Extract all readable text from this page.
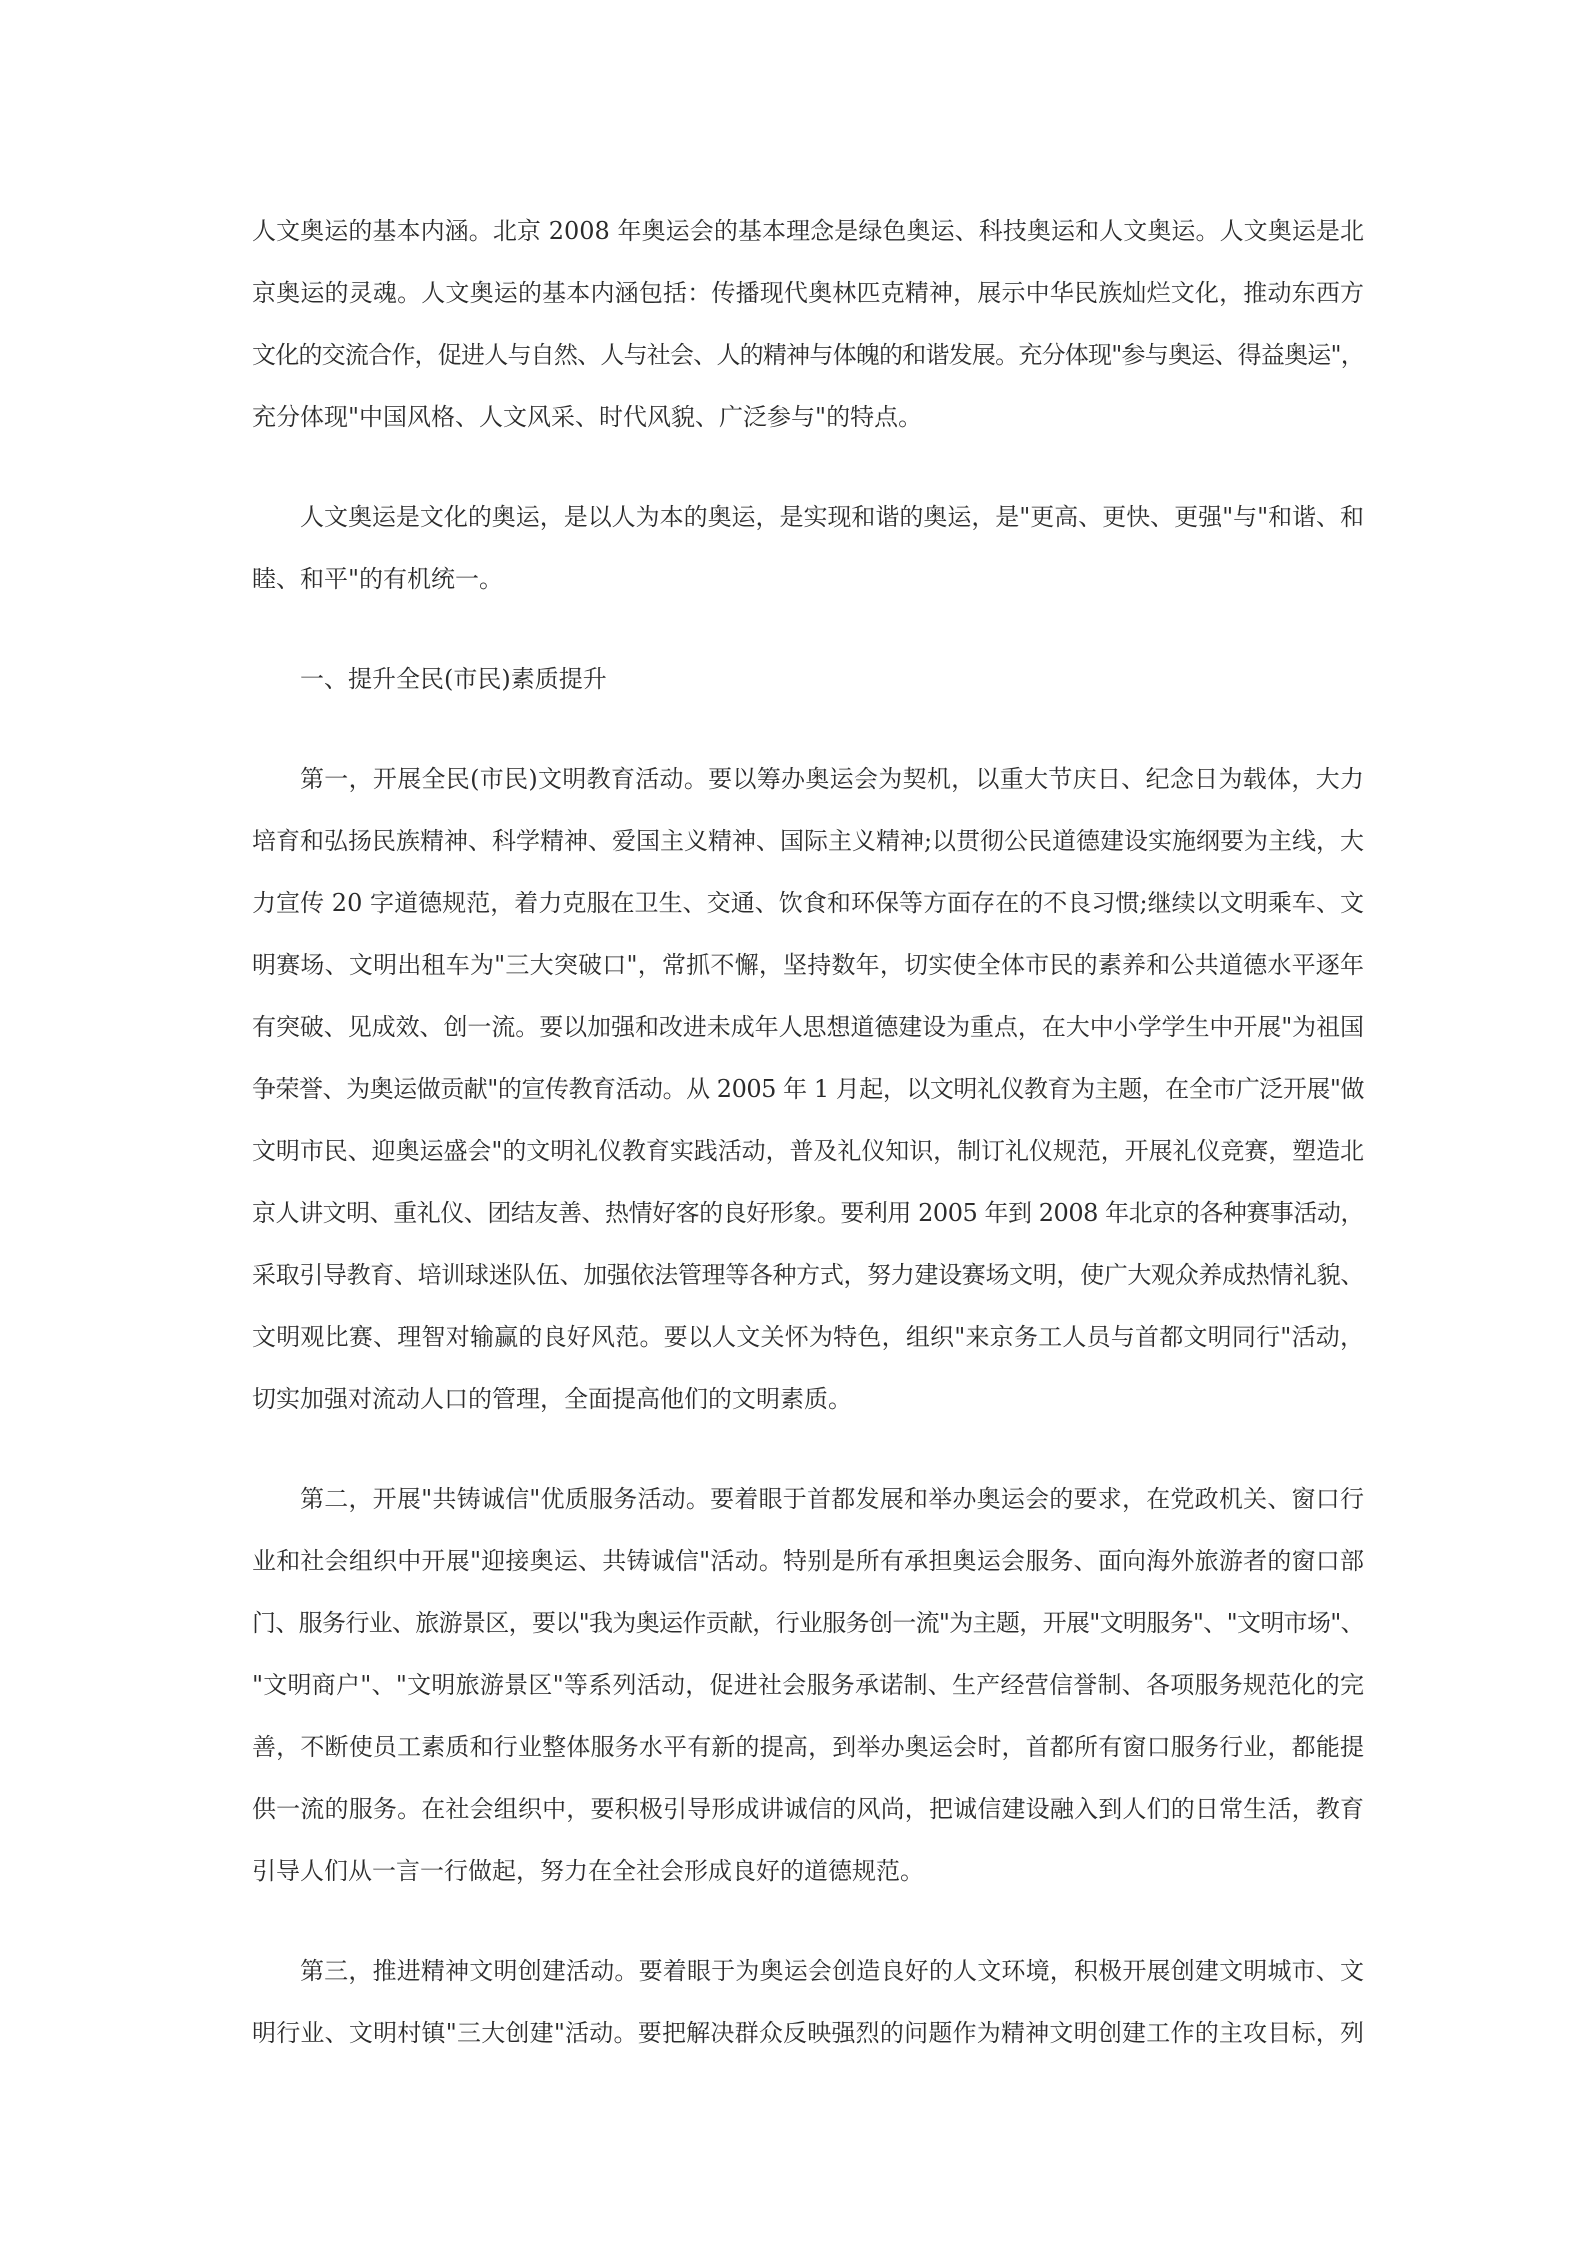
人文奥运的基本内涵。北京 2008 年奥运会的基本理念是绿色奥运、科技奥运和人文奥运。人文奥运是北
京奥运的灵魂。人文奥运的基本内涵包括：传播现代奥林匹克精神，展示中华民族灿烂文化，推动东西方
文化的交流合作，促进人与自然、人与社会、人的精神与体魄的和谐发展。充分体现"参与奥运、得益奥运"，
充分体现"中国风格、人文风采、时代风貌、广泛参与"的特点。
人文奥运是文化的奥运，是以人为本的奥运，是实现和谐的奥运，是"更高、更快、更强"与"和谐、和
睦、和平"的有机统一。
一、提升全民(市民)素质提升
第一，开展全民(市民)文明教育活动。要以筹办奥运会为契机，以重大节庆日、纪念日为载体，大力
培育和弘扬民族精神、科学精神、爱国主义精神、国际主义精神;以贯彻公民道德建设实施纲要为主线，大
力宣传 20 字道德规范，着力克服在卫生、交通、饮食和环保等方面存在的不良习惯;继续以文明乘车、文
明赛场、文明出租车为"三大突破口"，常抓不懈，坚持数年，切实使全体市民的素养和公共道德水平逐年
有突破、见成效、创一流。要以加强和改进未成年人思想道德建设为重点，在大中小学学生中开展"为祖国
争荣誉、为奥运做贡献"的宣传教育活动。从 2005 年 1 月起，以文明礼仪教育为主题，在全市广泛开展"做
文明市民、迎奥运盛会"的文明礼仪教育实践活动，普及礼仪知识，制订礼仪规范，开展礼仪竞赛，塑造北
京人讲文明、重礼仪、团结友善、热情好客的良好形象。要利用 2005 年到 2008 年北京的各种赛事活动，
采取引导教育、培训球迷队伍、加强依法管理等各种方式，努力建设赛场文明，使广大观众养成热情礼貌、
文明观比赛、理智对输赢的良好风范。要以人文关怀为特色，组织"来京务工人员与首都文明同行"活动，
切实加强对流动人口的管理，全面提高他们的文明素质。
第二，开展"共铸诚信"优质服务活动。要着眼于首都发展和举办奥运会的要求，在党政机关、窗口行
业和社会组织中开展"迎接奥运、共铸诚信"活动。特别是所有承担奥运会服务、面向海外旅游者的窗口部
门、服务行业、旅游景区，要以"我为奥运作贡献，行业服务创一流"为主题，开展"文明服务"、"文明市场"、
"文明商户"、"文明旅游景区"等系列活动，促进社会服务承诺制、生产经营信誉制、各项服务规范化的完
善，不断使员工素质和行业整体服务水平有新的提高，到举办奥运会时，首都所有窗口服务行业，都能提
供一流的服务。在社会组织中，要积极引导形成讲诚信的风尚，把诚信建设融入到人们的日常生活，教育
引导人们从一言一行做起，努力在全社会形成良好的道德规范。
第三，推进精神文明创建活动。要着眼于为奥运会创造良好的人文环境，积极开展创建文明城市、文
明行业、文明村镇"三大创建"活动。要把解决群众反映强烈的问题作为精神文明创建工作的主攻目标，列
